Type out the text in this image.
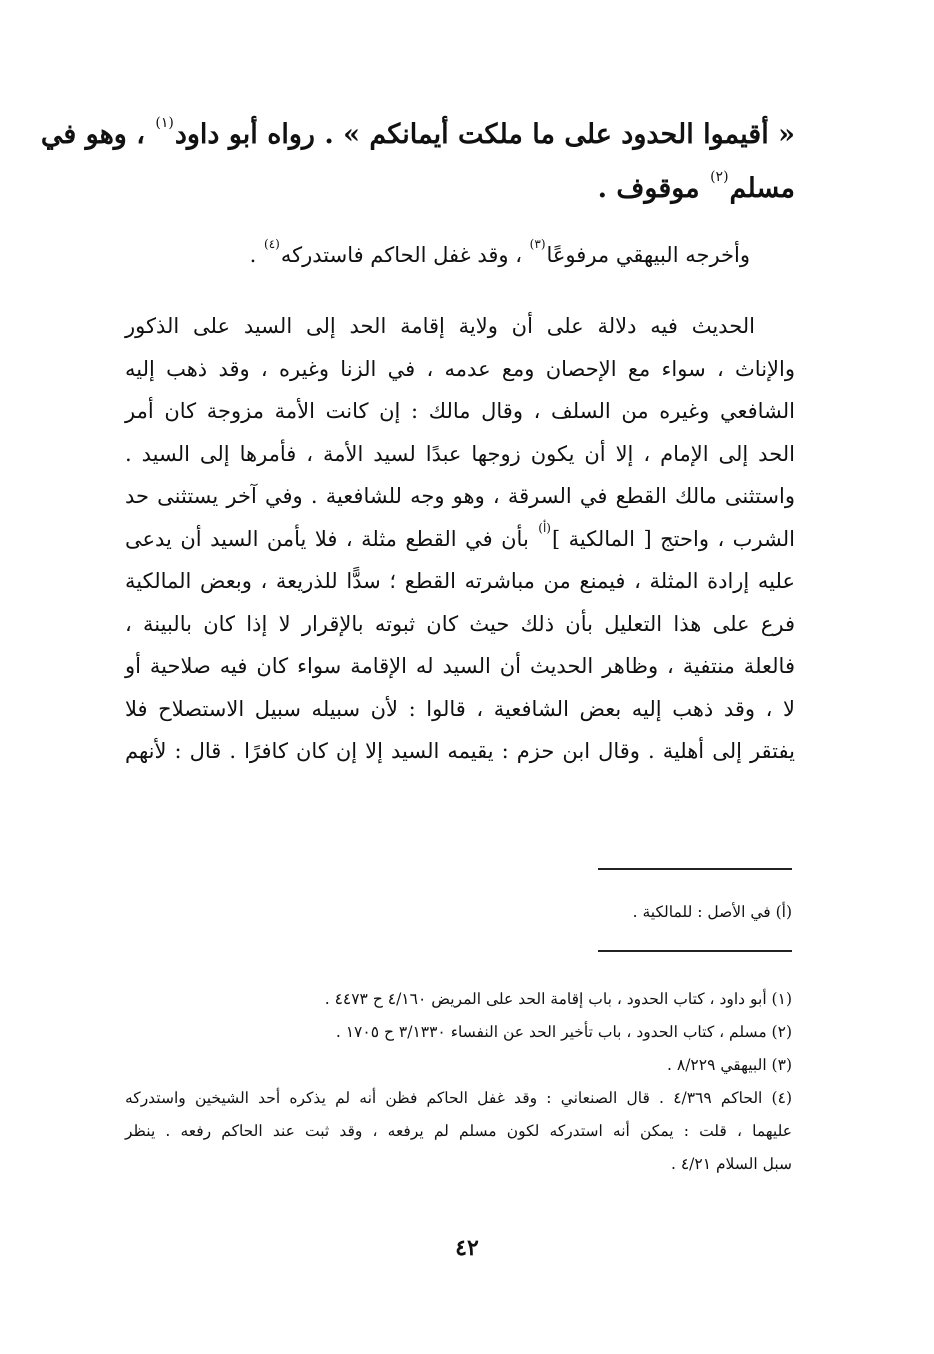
« أقيموا الحدود على ما ملكت أيمانكم » . رواه أبو داود$^{(١)}$ ، وهو في
مسلم$^{(٢)}$ موقوف .
وأخرجه البيهقي مرفوعًا$^{(٣)}$ ، وقد غفل الحاكم فاستدركه$^{(٤)}$ .
الحديث فيه دلالة على أن ولاية إقامة الحد إلى السيد على الذكور
والإناث ، سواء مع الإحصان ومع عدمه ، في الزنا وغيره ، وقد ذهب إليه
الشافعي وغيره من السلف ، وقال مالك : إن كانت الأمة مزوجة كان أمر
الحد إلى الإمام ، إلا أن يكون زوجها عبدًا لسيد الأمة ، فأمرها إلى السيد .
واستثنى مالك القطع في السرقة ، وهو وجه للشافعية . وفي آخر يستثنى حد
الشرب ، واحتج [ المالكية ]$^{(أ)}$ بأن في القطع مثلة ، فلا يأمن السيد أن يدعى
عليه إرادة المثلة ، فيمنع من مباشرته القطع ؛ سدًّا للذريعة ، وبعض المالكية
فرع على هذا التعليل بأن ذلك حيث كان ثبوته بالإقرار لا إذا كان بالبينة ،
فالعلة منتفية ، وظاهر الحديث أن السيد له الإقامة سواء كان فيه صلاحية أو
لا ، وقد ذهب إليه بعض الشافعية ، قالوا : لأن سبيله سبيل الاستصلاح فلا
يفتقر إلى أهلية . وقال ابن حزم : يقيمه السيد إلا إن كان كافرًا . قال : لأنهم
(أ) في الأصل : للمالكية .
(١) أبو داود ، كتاب الحدود ، باب إقامة الحد على المريض ٤/١٦٠ ح ٤٤٧٣ .
(٢) مسلم ، كتاب الحدود ، باب تأخير الحد عن النفساء ٣/١٣٣٠ ح ١٧٠٥ .
(٣) البيهقي ٨/٢٢٩ .
(٤) الحاكم ٤/٣٦٩ . قال الصنعاني : وقد غفل الحاكم فظن أنه لم يذكره أحد الشيخين واستدركه
عليهما ، قلت : يمكن أنه استدركه لكون مسلم لم يرفعه ، وقد ثبت عند الحاكم رفعه . ينظر
سبل السلام ٤/٢١ .
٤٢
